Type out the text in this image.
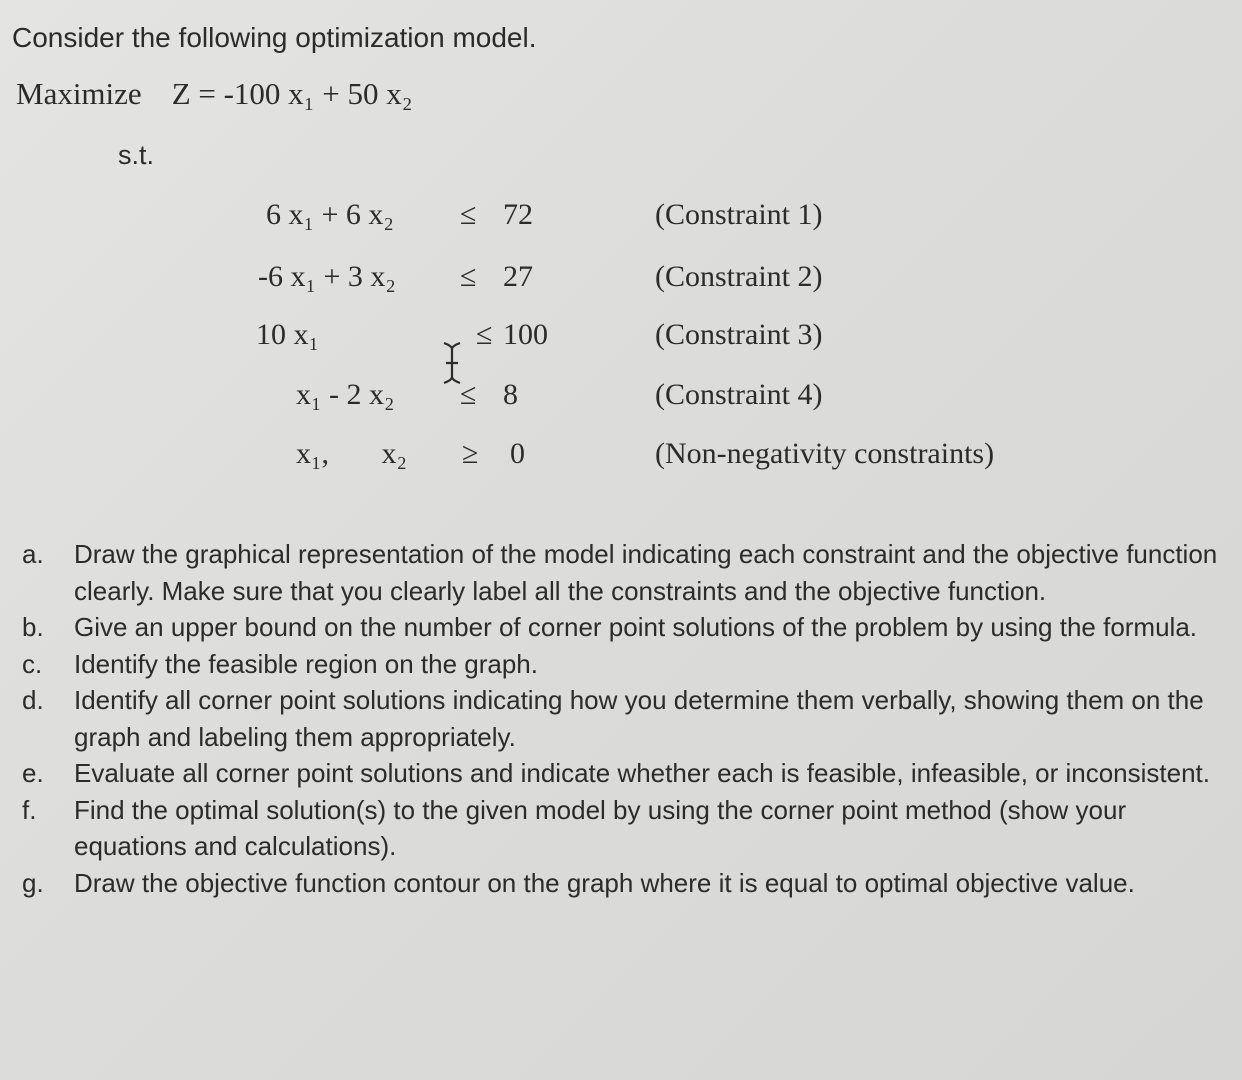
Consider the following optimization model.
Maximize Z = -100 x₁ + 50 x₂
s.t.
6 x₁ + 6 x₂ ≤ 72	(Constraint 1)
-6 x₁ + 3 x₂ ≤ 27	(Constraint 2)
10 x₁	≤ 100	(Constraint 3)
x₁ - 2 x₂ ≤ 8	(Constraint 4)
x₁,       x₂ ≥ 0	(Non-negativity constraints)
a.	Draw the graphical representation of the model indicating each constraint and the objective function clearly. Make sure that you clearly label all the constraints and the objective function.
b.	Give an upper bound on the number of corner point solutions of the problem by using the formula.
c.	Identify the feasible region on the graph.
d.	Identify all corner point solutions indicating how you determine them verbally, showing them on the graph and labeling them appropriately.
e.	Evaluate all corner point solutions and indicate whether each is feasible, infeasible, or inconsistent.
f.	Find the optimal solution(s) to the given model by using the corner point method (show your equations and calculations).
g.	Draw the objective function contour on the graph where it is equal to optimal objective value.
